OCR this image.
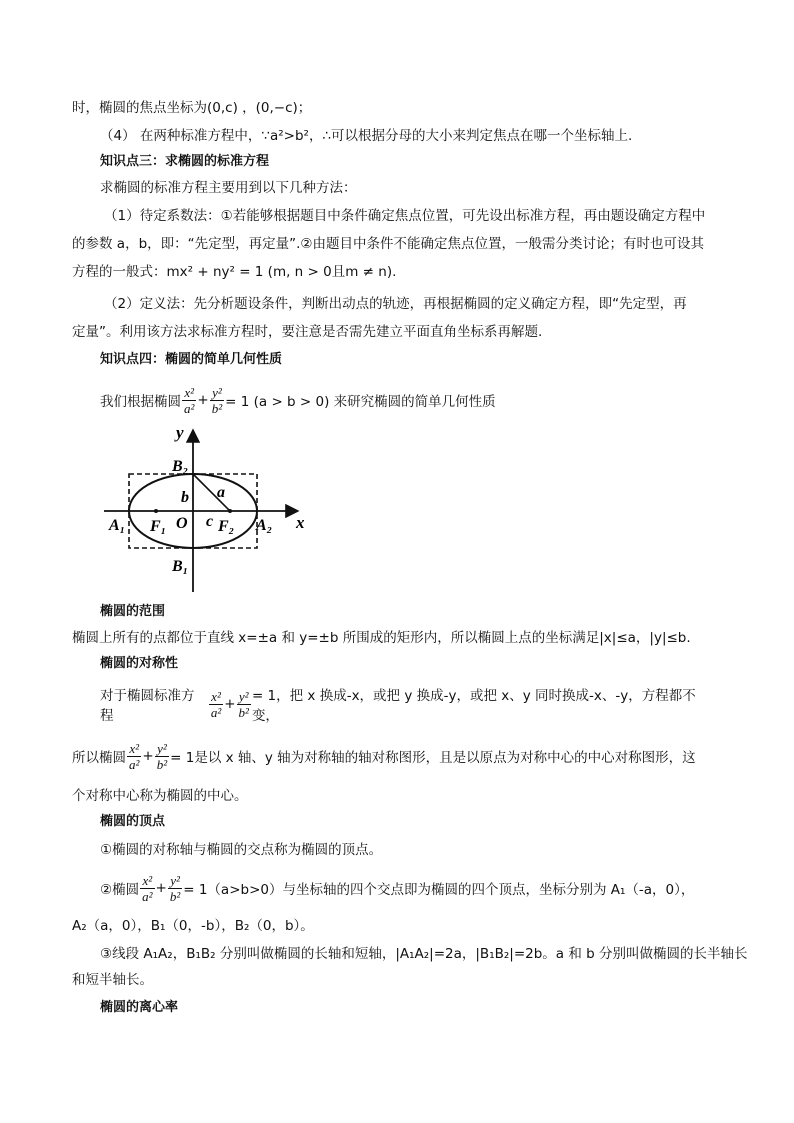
时，椭圆的焦点坐标为(0,c) ，(0,−c)；
（4） 在两种标准方程中，∵a²>b²，∴可以根据分母的大小来判定焦点在哪一个坐标轴上.
知识点三：求椭圆的标准方程
求椭圆的标准方程主要用到以下几种方法：
（1）待定系数法：①若能够根据题目中条件确定焦点位置，可先设出标准方程，再由题设确定方程中
的参数 a，b，即：“先定型，再定量”.②由题目中条件不能确定焦点位置，一般需分类讨论；有时也可设其
方程的一般式：mx² + ny² = 1 (m, n > 0且m ≠ n).
（2）定义法：先分析题设条件，判断出动点的轨迹，再根据椭圆的定义确定方程，即“先定型，再
定量”。利用该方法求标准方程时，要注意是否需先建立平面直角坐标系再解题.
知识点四：椭圆的简单几何性质
我们根据椭圆 $\frac{\text{x²}}{\text{a²}} + \frac{\text{y²}}{\text{b²}} = 1$ (a > b > 0) 来研究椭圆的简单几何性质
y
x
B₂
B₁
A₁	A₂
F₁	F₂
O
b a
c
椭圆的范围
椭圆上所有的点都位于直线 x=±a 和 y=±b 所围成的矩形内，所以椭圆上点的坐标满足|x|≤a，|y|≤b.
椭圆的对称性
对于椭圆标准方程	$\frac{\text{x²}}{\text{a²}} + \frac{\text{y²}}{\text{b²}} = 1$，把 x 换成-x，或把 y 换成-y，或把 x、y 同时换成-x、-y，方程都不变，
所以椭圆 $\frac{\text{x²}}{\text{a²}} + \frac{\text{y²}}{\text{b²}} = 1$是以 x 轴、y 轴为对称轴的轴对称图形，且是以原点为对称中心的中心对称图形，这
个对称中心称为椭圆的中心。
椭圆的顶点
①椭圆的对称轴与椭圆的交点称为椭圆的顶点。
②椭圆 $\frac{\text{x²}}{\text{a²}} + \frac{\text{y²}}{\text{b²}} = 1(a>b>0)$与坐标轴的四个交点即为椭圆的四个顶点，坐标分别为 A₁（-a，0），
A₂（a，0），B₁（0，-b），B₂（0，b）。
③线段 A₁A₂，B₁B₂ 分别叫做椭圆的长轴和短轴，|A₁A₂|=2a，|B₁B₂|=2b。a 和 b 分别叫做椭圆的长半轴长
和短半轴长。
椭圆的离心率
